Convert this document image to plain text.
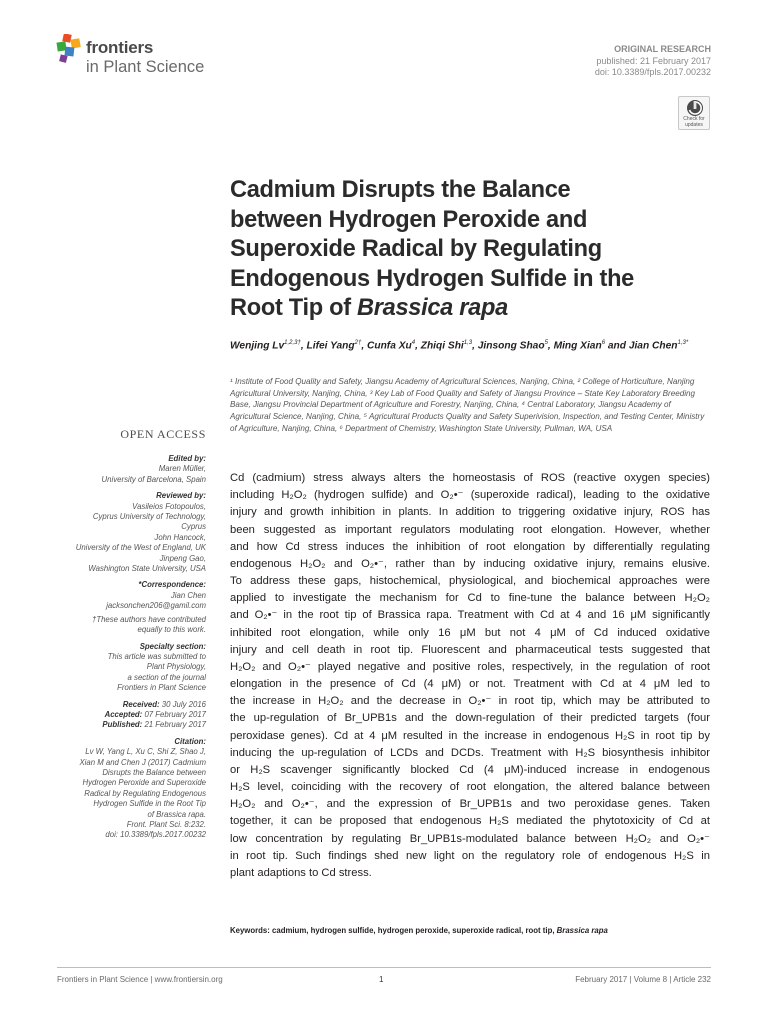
frontiers
in Plant Science
ORIGINAL RESEARCH
published: 21 February 2017
doi: 10.3389/fpls.2017.00232
Check for
updates
Cadmium Disrupts the Balance
between Hydrogen Peroxide and
Superoxide Radical by Regulating
Endogenous Hydrogen Sulfide in the
Root Tip of Brassica rapa
Wenjing $Lv^{1,2,3\dagger}$, Lifei Yang$^{2\dagger}$, Cunfa Xu$^4$, Zhiqi Shi$^{1,3}$, Jinsong Shao$^5$, Ming Xian$^6$ and Jian Chen$^{1,3*}$
¹ Institute of Food Quality and Safety, Jiangsu Academy of Agricultural Sciences, Nanjing, China, ² College of Horticulture, Nanjing Agricultural University, Nanjing, China, ³ Key Lab of Food Quality and Safety of Jiangsu Province – State Key Laboratory Breeding Base, Jiangsu Provincial Department of Agriculture and Forestry, Nanjing, China, ⁴ Central Laboratory, Jiangsu Academy of Agricultural Science, Nanjing, China, ⁵ Agricultural Products Quality and Safety Superivision, Inspection, and Testing Center, Ministry of Agriculture, Nanjing, China, ⁶ Department of Chemistry, Washington State University, Pullman, WA, USA
OPEN ACCESS
Edited by:
Maren Müller,
University of Barcelona, Spain
Reviewed by:
Vasileios Fotopoulos,
Cyprus University of Technology,
Cyprus
John Hancock,
University of the West of England, UK
Jinpeng Gao,
Washington State University, USA
*Correspondence:
Jian Chen
jacksonchen206@gamil.com
†These authors have contributed
equally to this work.
Specialty section:
This article was submitted to
Plant Physiology,
a section of the journal
Frontiers in Plant Science
Received: 30 July 2016
Accepted: 07 February 2017
Published: 21 February 2017
Citation:
Lv W, Yang L, Xu C, Shi Z, Shao J,
Xian M and Chen J (2017) Cadmium
Disrupts the Balance between
Hydrogen Peroxide and Superoxide
Radical by Regulating Endogenous
Hydrogen Sulfide in the Root Tip
of Brassica rapa.
Front. Plant Sci. 8:232.
doi: 10.3389/fpls.2017.00232
Cd (cadmium) stress always alters the homeostasis of ROS (reactive oxygen species)
including H₂O₂ (hydrogen sulfide) and O₂•⁻ (superoxide radical), leading to the oxidative
injury and growth inhibition in plants. In addition to triggering oxidative injury, ROS has
been suggested as important regulators modulating root elongation. However, whether
and how Cd stress induces the inhibition of root elongation by differentially regulating
endogenous H₂O₂ and O₂•⁻, rather than by inducing oxidative injury, remains elusive.
To address these gaps, histochemical, physiological, and biochemical approaches were
applied to investigate the mechanism for Cd to fine-tune the balance between H₂O₂
and O₂•⁻ in the root tip of Brassica rapa. Treatment with Cd at 4 and 16 μM significantly
inhibited root elongation, while only 16 μM but not 4 μM of Cd induced oxidative
injury and cell death in root tip. Fluorescent and pharmaceutical tests suggested that
H₂O₂ and O₂•⁻ played negative and positive roles, respectively, in the regulation of root
elongation in the presence of Cd (4 μM) or not. Treatment with Cd at 4 μM led to
the increase in H₂O₂ and the decrease in O₂•⁻ in root tip, which may be attributed to
the up-regulation of Br_UPB1s and the down-regulation of their predicted targets (four
peroxidase genes). Cd at 4 μM resulted in the increase in endogenous H₂S in root tip by
inducing the up-regulation of LCDs and DCDs. Treatment with H₂S biosynthesis inhibitor
or H₂S scavenger significantly blocked Cd (4 μM)-induced increase in endogenous
H₂S level, coinciding with the recovery of root elongation, the altered balance between
H₂O₂ and O₂•⁻, and the expression of Br_UPB1s and two peroxidase genes. Taken
together, it can be proposed that endogenous H₂S mediated the phytotoxicity of Cd at
low concentration by regulating Br_UPB1s-modulated balance between H₂O₂ and O₂•⁻
in root tip. Such findings shed new light on the regulatory role of endogenous H₂S in
plant adaptions to Cd stress.
Keywords: cadmium, hydrogen sulfide, hydrogen peroxide, superoxide radical, root tip, Brassica rapa
Frontiers in Plant Science | www.frontiersin.org	1	February 2017 | Volume 8 | Article 232
